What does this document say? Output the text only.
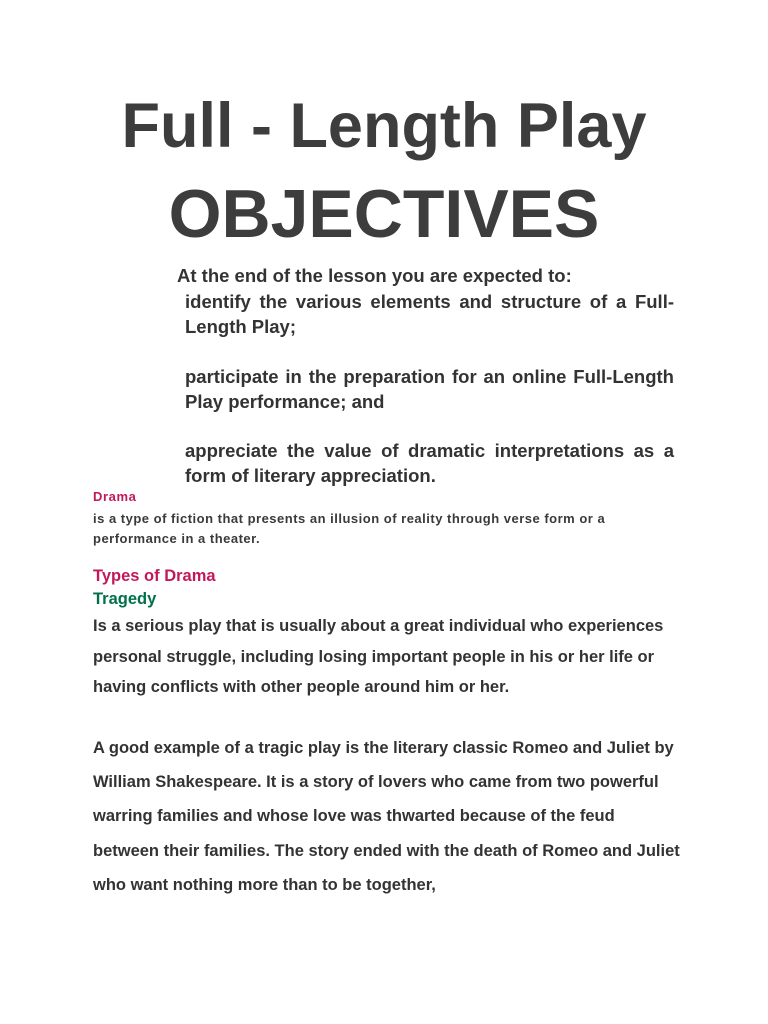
Full - Length Play
OBJECTIVES
At the end of the lesson you are expected to:
identify the various elements and structure of a Full-Length Play;
participate in the preparation for an online Full-Length Play performance; and
appreciate the value of dramatic interpretations as a form of literary appreciation.
Drama
is a type of fiction that presents an illusion of reality through verse form or a performance in a theater.
Types of Drama
Tragedy
Is a serious play that is usually about a great individual who experiences personal struggle, including losing important people in his or her life or having conflicts with other people around him or her.
A good example of a tragic play is the literary classic Romeo and Juliet by William Shakespeare. It is a story of lovers who came from two powerful warring families and whose love was thwarted because of the feud between their families. The story ended with the death of Romeo and Juliet who want nothing more than to be together,
